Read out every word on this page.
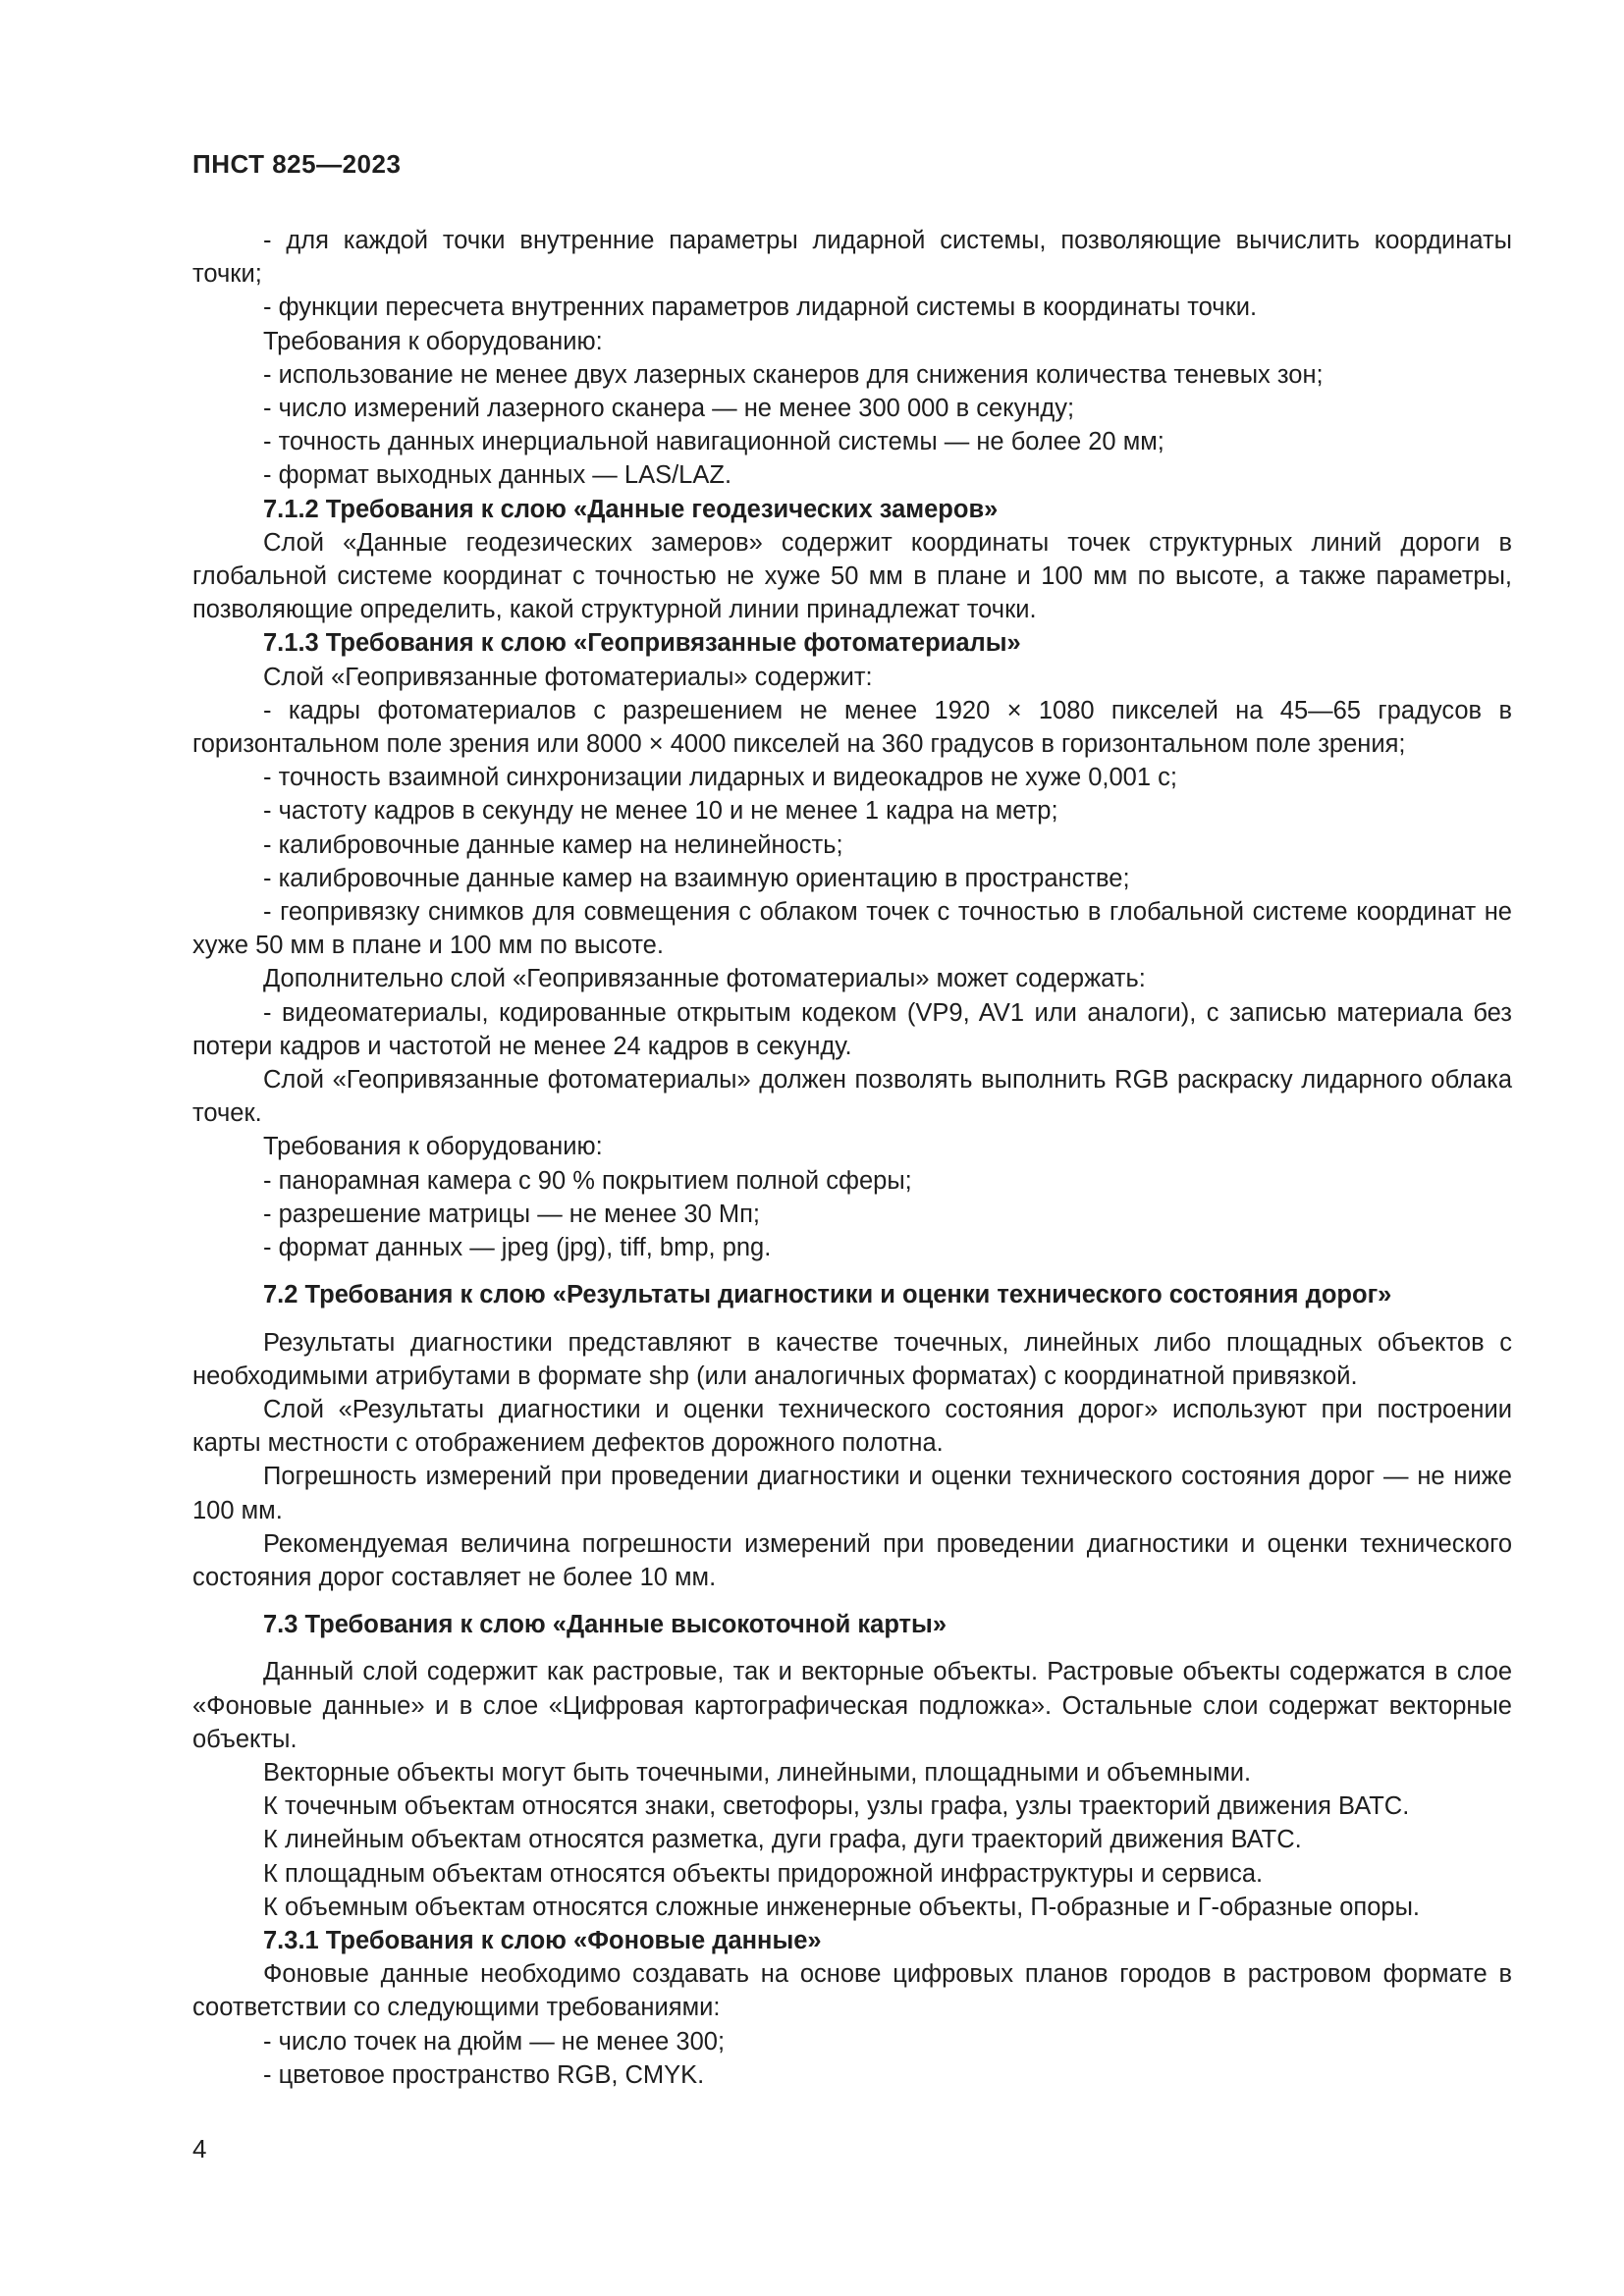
ПНСТ 825—2023

- для каждой точки внутренние параметры лидарной системы, позволяющие вычислить координаты точки;

- функции пересчета внутренних параметров лидарной системы в координаты точки.

Требования к оборудованию:

- использование не менее двух лазерных сканеров для снижения количества теневых зон;

- число измерений лазерного сканера — не менее 300 000 в секунду;

- точность данных инерциальной навигационной системы — не более 20 мм;

- формат выходных данных — LAS/LAZ.

7.1.2 Требования к слою «Данные геодезических замеров»

Слой «Данные геодезических замеров» содержит координаты точек структурных линий дороги в глобальной системе координат с точностью не хуже 50 мм в плане и 100 мм по высоте, а также параметры, позволяющие определить, какой структурной линии принадлежат точки.

7.1.3 Требования к слою «Геопривязанные фотоматериалы»

Слой «Геопривязанные фотоматериалы» содержит:

- кадры фотоматериалов с разрешением не менее 1920 × 1080 пикселей на 45—65 градусов в горизонтальном поле зрения или 8000 × 4000 пикселей на 360 градусов в горизонтальном поле зрения;

- точность взаимной синхронизации лидарных и видеокадров не хуже 0,001 с;

- частоту кадров в секунду не менее 10 и не менее 1 кадра на метр;

- калибровочные данные камер на нелинейность;

- калибровочные данные камер на взаимную ориентацию в пространстве;

- геопривязку снимков для совмещения с облаком точек с точностью в глобальной системе координат не хуже 50 мм в плане и 100 мм по высоте.

Дополнительно слой «Геопривязанные фотоматериалы» может содержать:

- видеоматериалы, кодированные открытым кодеком (VP9, AV1 или аналоги), с записью материала без потери кадров и частотой не менее 24 кадров в секунду.

Слой «Геопривязанные фотоматериалы» должен позволять выполнить RGB раскраску лидарного облака точек.

Требования к оборудованию:

- панорамная камера с 90 % покрытием полной сферы;

- разрешение матрицы — не менее 30 Мп;

- формат данных — jpeg (jpg), tiff, bmp, png.

7.2 Требования к слою «Результаты диагностики и оценки технического состояния дорог»

Результаты диагностики представляют в качестве точечных, линейных либо площадных объектов с необходимыми атрибутами в формате shp (или аналогичных форматах) с координатной привязкой.

Слой «Результаты диагностики и оценки технического состояния дорог» используют при построении карты местности с отображением дефектов дорожного полотна.

Погрешность измерений при проведении диагностики и оценки технического состояния дорог — не ниже 100 мм.

Рекомендуемая величина погрешности измерений при проведении диагностики и оценки технического состояния дорог составляет не более 10 мм.

7.3 Требования к слою «Данные высокоточной карты»

Данный слой содержит как растровые, так и векторные объекты. Растровые объекты содержатся в слое «Фоновые данные» и в слое «Цифровая картографическая подложка». Остальные слои содержат векторные объекты.

Векторные объекты могут быть точечными, линейными, площадными и объемными.

К точечным объектам относятся знаки, светофоры, узлы графа, узлы траекторий движения ВАТС.

К линейным объектам относятся разметка, дуги графа, дуги траекторий движения ВАТС.

К площадным объектам относятся объекты придорожной инфраструктуры и сервиса.

К объемным объектам относятся сложные инженерные объекты, П-образные и Г-образные опоры.

7.3.1 Требования к слою «Фоновые данные»

Фоновые данные необходимо создавать на основе цифровых планов городов в растровом формате в соответствии со следующими требованиями:

- число точек на дюйм — не менее 300;

- цветовое пространство RGB, CMYK.

4
